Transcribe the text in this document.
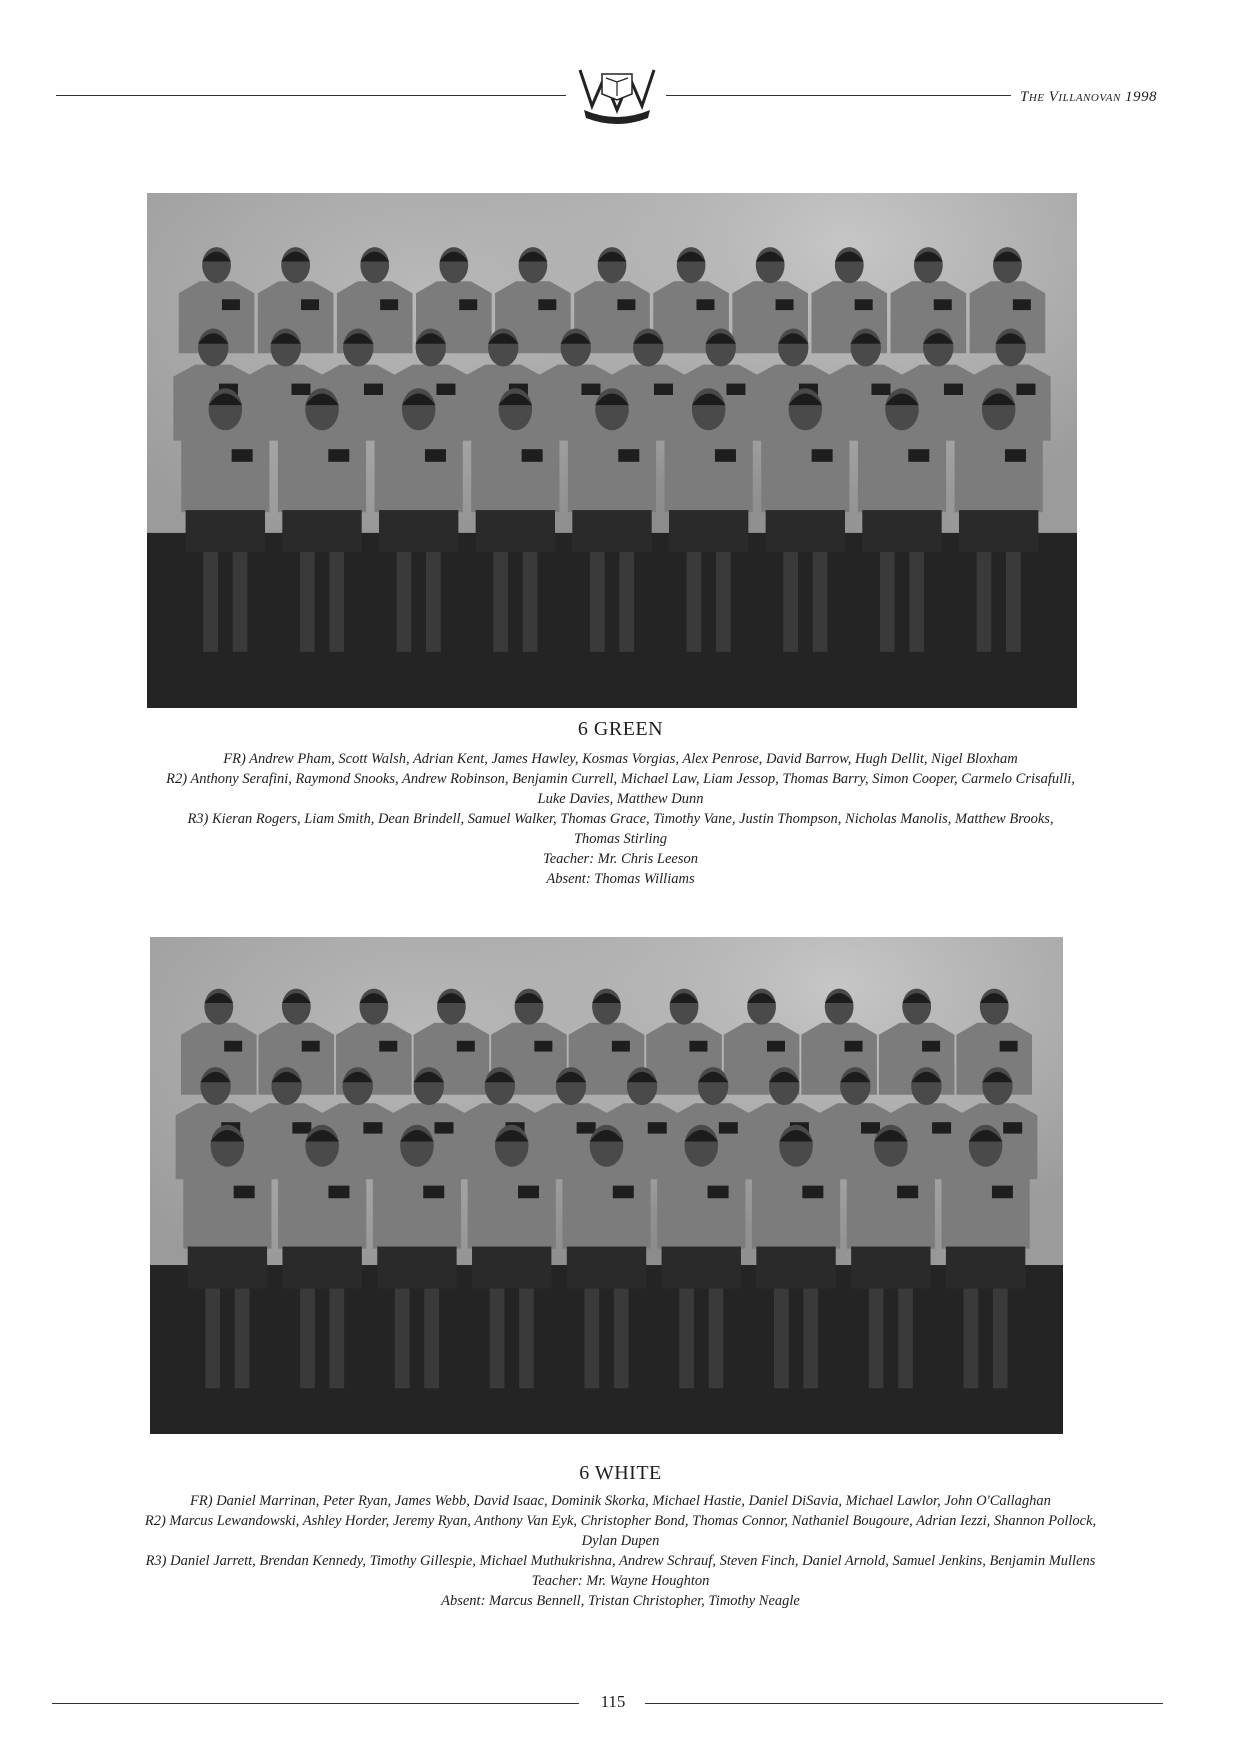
The Villanovan 1998
6 GREEN
FR) Andrew Pham, Scott Walsh, Adrian Kent, James Hawley, Kosmas Vorgias, Alex Penrose, David Barrow, Hugh Dellit, Nigel Bloxham
R2) Anthony Serafini, Raymond Snooks, Andrew Robinson, Benjamin Currell, Michael Law, Liam Jessop, Thomas Barry, Simon Cooper, Carmelo Crisafulli,
Luke Davies, Matthew Dunn
R3) Kieran Rogers, Liam Smith, Dean Brindell, Samuel Walker, Thomas Grace, Timothy Vane, Justin Thompson, Nicholas Manolis, Matthew Brooks,
Thomas Stirling
Teacher: Mr. Chris Leeson
Absent: Thomas Williams
6 WHITE
FR) Daniel Marrinan, Peter Ryan, James Webb, David Isaac, Dominik Skorka, Michael Hastie, Daniel DiSavia, Michael Lawlor, John O'Callaghan
R2) Marcus Lewandowski, Ashley Horder, Jeremy Ryan, Anthony Van Eyk, Christopher Bond, Thomas Connor, Nathaniel Bougoure, Adrian Iezzi, Shannon Pollock,
Dylan Dupen
R3) Daniel Jarrett, Brendan Kennedy, Timothy Gillespie, Michael Muthukrishna, Andrew Schrauf, Steven Finch, Daniel Arnold, Samuel Jenkins, Benjamin Mullens
Teacher: Mr. Wayne Houghton
Absent: Marcus Bennell, Tristan Christopher, Timothy Neagle
115
